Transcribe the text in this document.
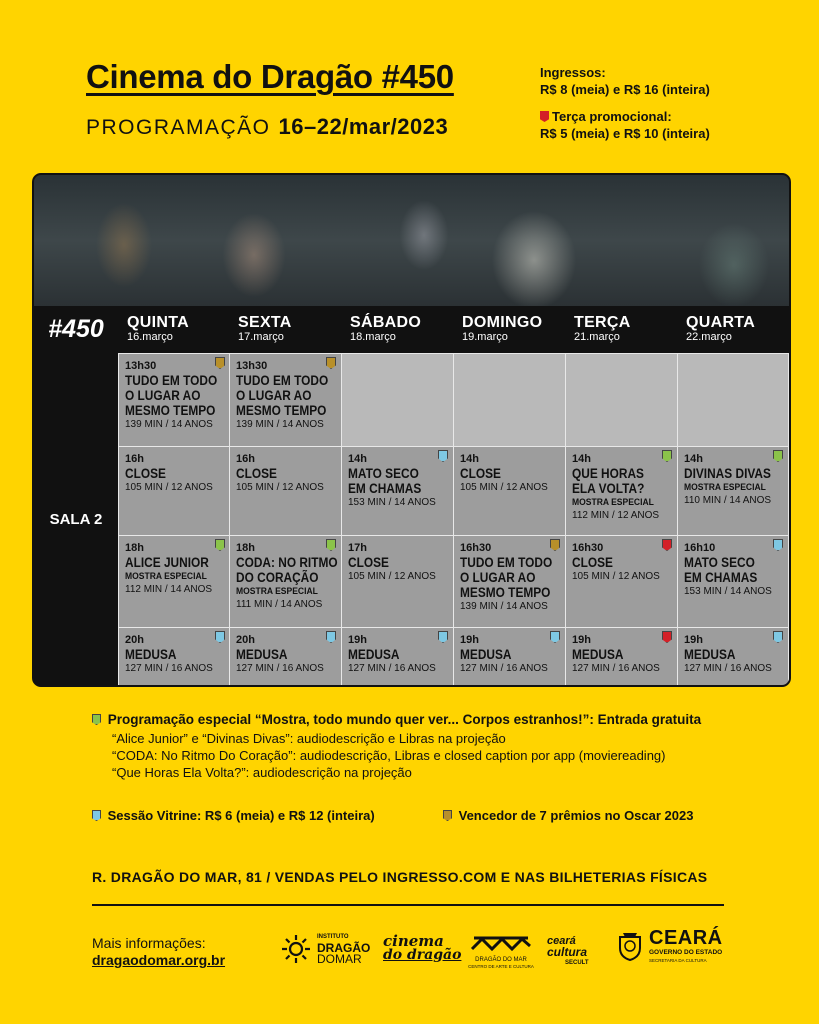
Cinema do Dragão #450
PROGRAMAÇÃO 16–22/mar/2023
Ingressos:
R$ 8 (meia) e R$ 16 (inteira)
Terça promocional:
R$ 5 (meia) e R$ 10 (inteira)
#450
SALA 2
QUINTA
16.março
SEXTA
17.março
SÁBADO
18.março
DOMINGO
19.março
TERÇA
21.março
QUARTA
22.março
13h30
TUDO EM TODO
O LUGAR AO
MESMO TEMPO
139 MIN / 14 ANOS
13h30
TUDO EM TODO
O LUGAR AO
MESMO TEMPO
139 MIN / 14 ANOS
16h
CLOSE
105 MIN / 12 ANOS
16h
CLOSE
105 MIN / 12 ANOS
14h
MATO SECO
EM CHAMAS
153 MIN / 14 ANOS
14h
CLOSE
105 MIN / 12 ANOS
14h
QUE HORAS
ELA VOLTA?
MOSTRA ESPECIAL
112 MIN / 12 ANOS
14h
DIVINAS DIVAS
MOSTRA ESPECIAL
110 MIN / 14 ANOS
18h
ALICE JUNIOR
MOSTRA ESPECIAL
112 MIN / 14 ANOS
18h
CODA: NO RITMO
DO CORAÇÃO
MOSTRA ESPECIAL
111 MIN / 14 ANOS
17h
CLOSE
105 MIN / 12 ANOS
16h30
TUDO EM TODO
O LUGAR AO
MESMO TEMPO
139 MIN / 14 ANOS
16h30
CLOSE
105 MIN / 12 ANOS
16h10
MATO SECO
EM CHAMAS
153 MIN / 14 ANOS
20h
MEDUSA
127 MIN / 16 ANOS
20h
MEDUSA
127 MIN / 16 ANOS
19h
MEDUSA
127 MIN / 16 ANOS
19h
MEDUSA
127 MIN / 16 ANOS
19h
MEDUSA
127 MIN / 16 ANOS
19h
MEDUSA
127 MIN / 16 ANOS
Programação especial “Mostra, todo mundo quer ver... Corpos estranhos!”: Entrada gratuita
“Alice Junior” e “Divinas Divas”: audiodescrição e Libras na projeção
“CODA: No Ritmo Do Coração”: audiodescrição, Libras e closed caption por app (moviereading)
“Que Horas Ela Volta?”: audiodescrição na projeção
Sessão Vitrine: R$ 6 (meia) e R$ 12 (inteira)	Vencedor de 7 prêmios no Oscar 2023
R. DRAGÃO DO MAR, 81 / VENDAS PELO INGRESSO.COM E NAS BILHETERIAS FÍSICAS
Mais informações:
dragaodomar.org.br
INSTITUTO
DRAGÃO
DOMAR
cinema
do dragão	DRAGÃO DO MAR
CENTRO DE ARTE E CULTURA
ceará
cultura
SECULT
CEARÁ
GOVERNO DO ESTADO
SECRETARIA DA CULTURA
